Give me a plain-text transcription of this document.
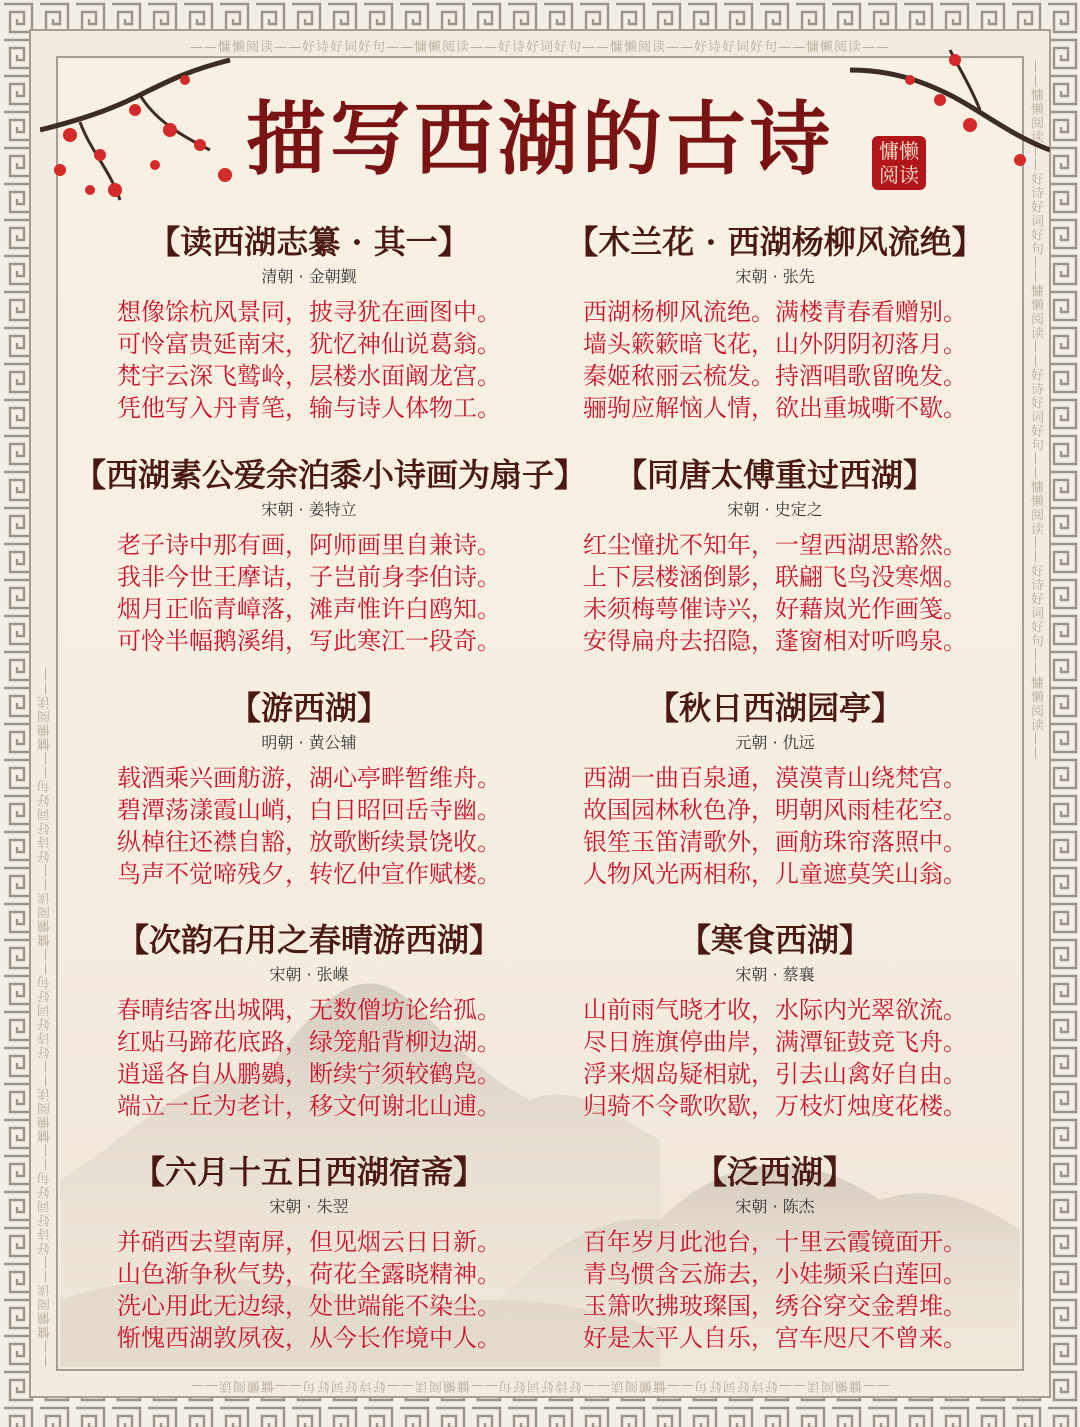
——慵懒阅读——好诗好词好句——慵懒阅读——好诗好词好句——慵懒阅读——好诗好词好句——慵懒阅读——
——慵懒阅读——好诗好词好句——慵懒阅读——好诗好词好句——慵懒阅读——好诗好词好句——慵懒阅读——
——慵懒阅读——好诗好词好句——慵懒阅读——好诗好词好句——慵懒阅读——好诗好词好句——慵懒阅读——
——慵懒阅读——好诗好词好句——慵懒阅读——好诗好词好句——慵懒阅读——好诗好词好句——慵懒阅读——
描写西湖的古诗	慵懒
阅读
【读西湖志纂 · 其一】
清朝 · 金朝觐
想像馀杭风景同，披寻犹在画图中。
可怜富贵延南宋，犹忆神仙说葛翁。
梵宇云深飞鹫岭，层楼水面阚龙宫。
凭他写入丹青笔，输与诗人体物工。
【木兰花 · 西湖杨柳风流绝】
宋朝 · 张先
西湖杨柳风流绝。满楼青春看赠别。
墙头簌簌暗飞花，山外阴阴初落月。
秦姬秾丽云梳发。持酒唱歌留晚发。
骊驹应解恼人情，欲出重城嘶不歇。
【西湖素公爱余泊黍小诗画为扇子】
宋朝 · 姜特立
老子诗中那有画，阿师画里自兼诗。
我非今世王摩诘，子岂前身李伯诗。
烟月正临青嶂落，滩声惟许白鸥知。
可怜半幅鹅溪绢，写此寒江一段奇。
【同唐太傅重过西湖】
宋朝 · 史定之
红尘憧扰不知年，一望西湖思豁然。
上下层楼涵倒影，联翩飞鸟没寒烟。
未须梅萼催诗兴，好藉岚光作画笺。
安得扁舟去招隐，蓬窗相对听鸣泉。
【游西湖】
明朝 · 黄公辅
载酒乘兴画舫游，湖心亭畔暂维舟。
碧潭荡漾霞山峭，白日昭回岳寺幽。
纵棹往还襟自豁，放歌断续景饶收。
鸟声不觉啼残夕，转忆仲宣作赋楼。
【秋日西湖园亭】
元朝 · 仇远
西湖一曲百泉通，漠漠青山绕梵宫。
故国园林秋色净，明朝风雨桂花空。
银笙玉笛清歌外，画舫珠帘落照中。
人物风光两相称，儿童遮莫笑山翁。
【次韵石用之春晴游西湖】
宋朝 · 张嵲
春晴结客出城隅，无数僧坊论给孤。
红贴马蹄花底路，绿笼船背柳边湖。
逍遥各自从鹏鷃，断续宁须较鹤凫。
端立一丘为老计，移文何谢北山逋。
【寒食西湖】
宋朝 · 蔡襄
山前雨气晓才收，水际内光翠欲流。
尽日旌旗停曲岸，满潭钲鼓竞飞舟。
浮来烟岛疑相就，引去山禽好自由。
归骑不令歌吹歇，万枝灯烛度花楼。
【六月十五日西湖宿斋】
宋朝 · 朱翌
并硝西去望南屏，但见烟云日日新。
山色渐争秋气势，荷花全露晓精神。
洗心用此无边绿，处世端能不染尘。
惭愧西湖敦夙夜，从今长作境中人。
【泛西湖】
宋朝 · 陈杰
百年岁月此池台，十里云霞镜面开。
青鸟惯含云旆去，小娃频采白莲回。
玉箫吹拂玻璨国，绣谷穿交金碧堆。
好是太平人自乐，宫车咫尺不曾来。
